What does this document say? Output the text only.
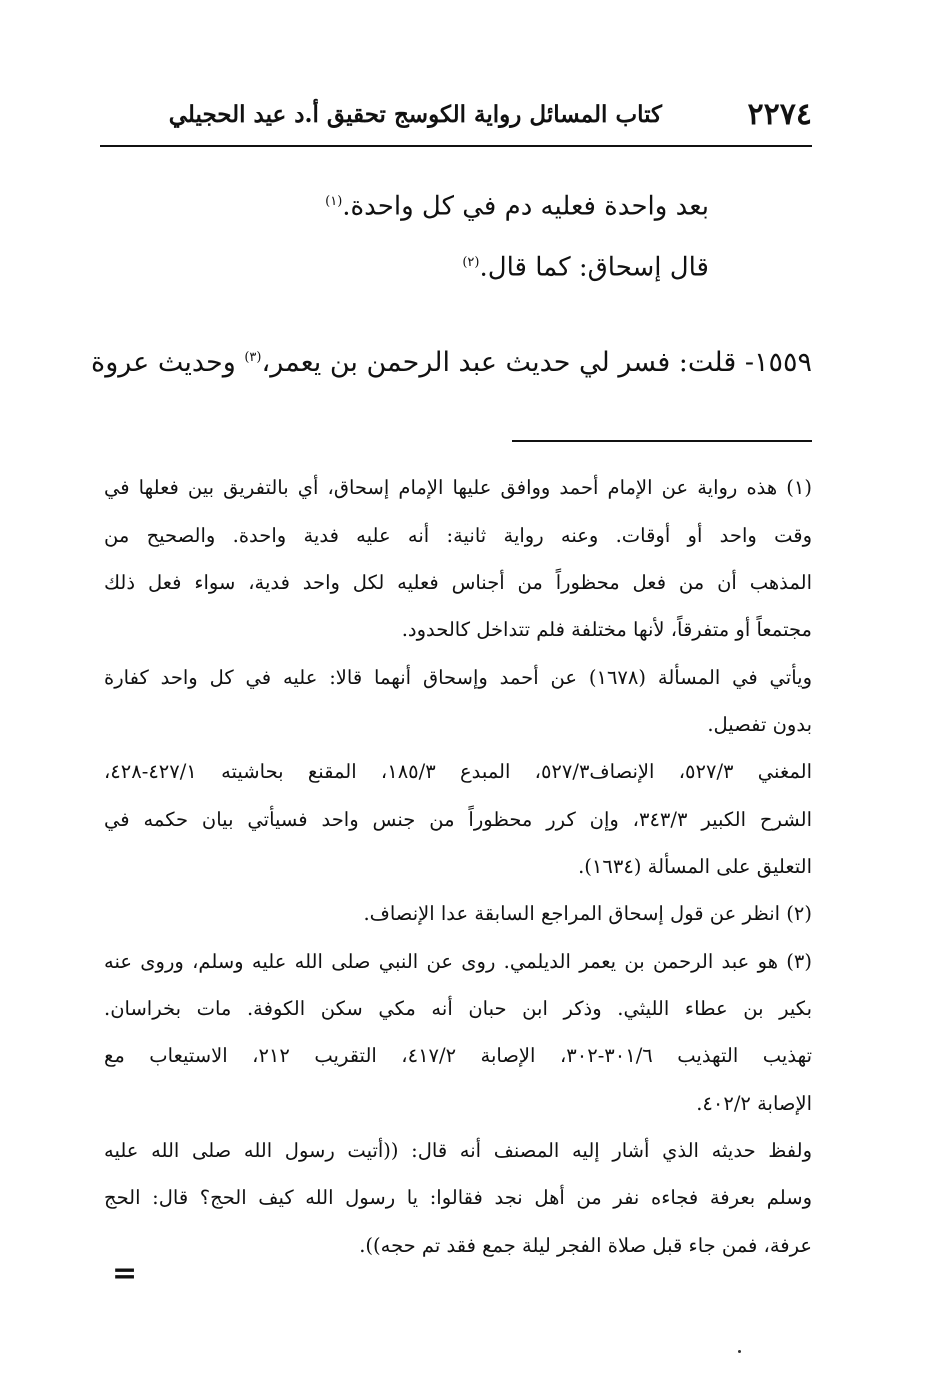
٢٢٧٤
كتاب المسائل رواية الكوسج تحقيق أ.د عيد الحجيلي
بعد واحدة فعليه دم في كل واحدة.$^{(١)}$
قال إسحاق: كما قال.$^{(٢)}$
١٥٥٩- قلت: فسر لي حديث عبد الرحمن بن يعمر،$^{(٣)}$ وحديث عروة
(١) هذه رواية عن الإمام أحمد ووافق عليها الإمام إسحاق، أي بالتفريق بين فعلها في
وقت واحد أو أوقات. وعنه رواية ثانية: أنه عليه فدية واحدة. والصحيح من
المذهب أن من فعل محظوراً من أجناس فعليه لكل واحد فدية، سواء فعل ذلك
مجتمعاً أو متفرقاً، لأنها مختلفة فلم تتداخل كالحدود.
ويأتي في المسألة (١٦٧٨) عن أحمد وإسحاق أنهما قالا: عليه في كل واحد كفارة
بدون تفصيل.
المغني ٥٢٧/٣، الإنصاف٥٢٧/٣، المبدع ١٨٥/٣، المقنع بحاشيته ٤٢٧/١-٤٢٨،
الشرح الكبير ٣٤٣/٣، وإن كرر محظوراً من جنس واحد فسيأتي بيان حكمه في
التعليق على المسألة (١٦٣٤).
(٢) انظر عن قول إسحاق المراجع السابقة عدا الإنصاف.
(٣) هو عبد الرحمن بن يعمر الديلمي. روى عن النبي صلى الله عليه وسلم، وروى عنه
بكير بن عطاء الليثي. وذكر ابن حبان أنه مكي سكن الكوفة. مات بخراسان.
تهذيب التهذيب ٣٠١/٦-٣٠٢، الإصابة ٤١٧/٢، التقريب ٢١٢، الاستيعاب مع
الإصابة ٤٠٢/٢.
ولفظ حديثه الذي أشار إليه المصنف أنه قال: ((أتيت رسول الله صلى الله عليه
وسلم بعرفة فجاءه نفر من أهل نجد فقالوا: يا رسول الله كيف الحج؟ قال: الحج
عرفة، فمن جاء قبل صلاة الفجر ليلة جمع فقد تم حجه)).
=
